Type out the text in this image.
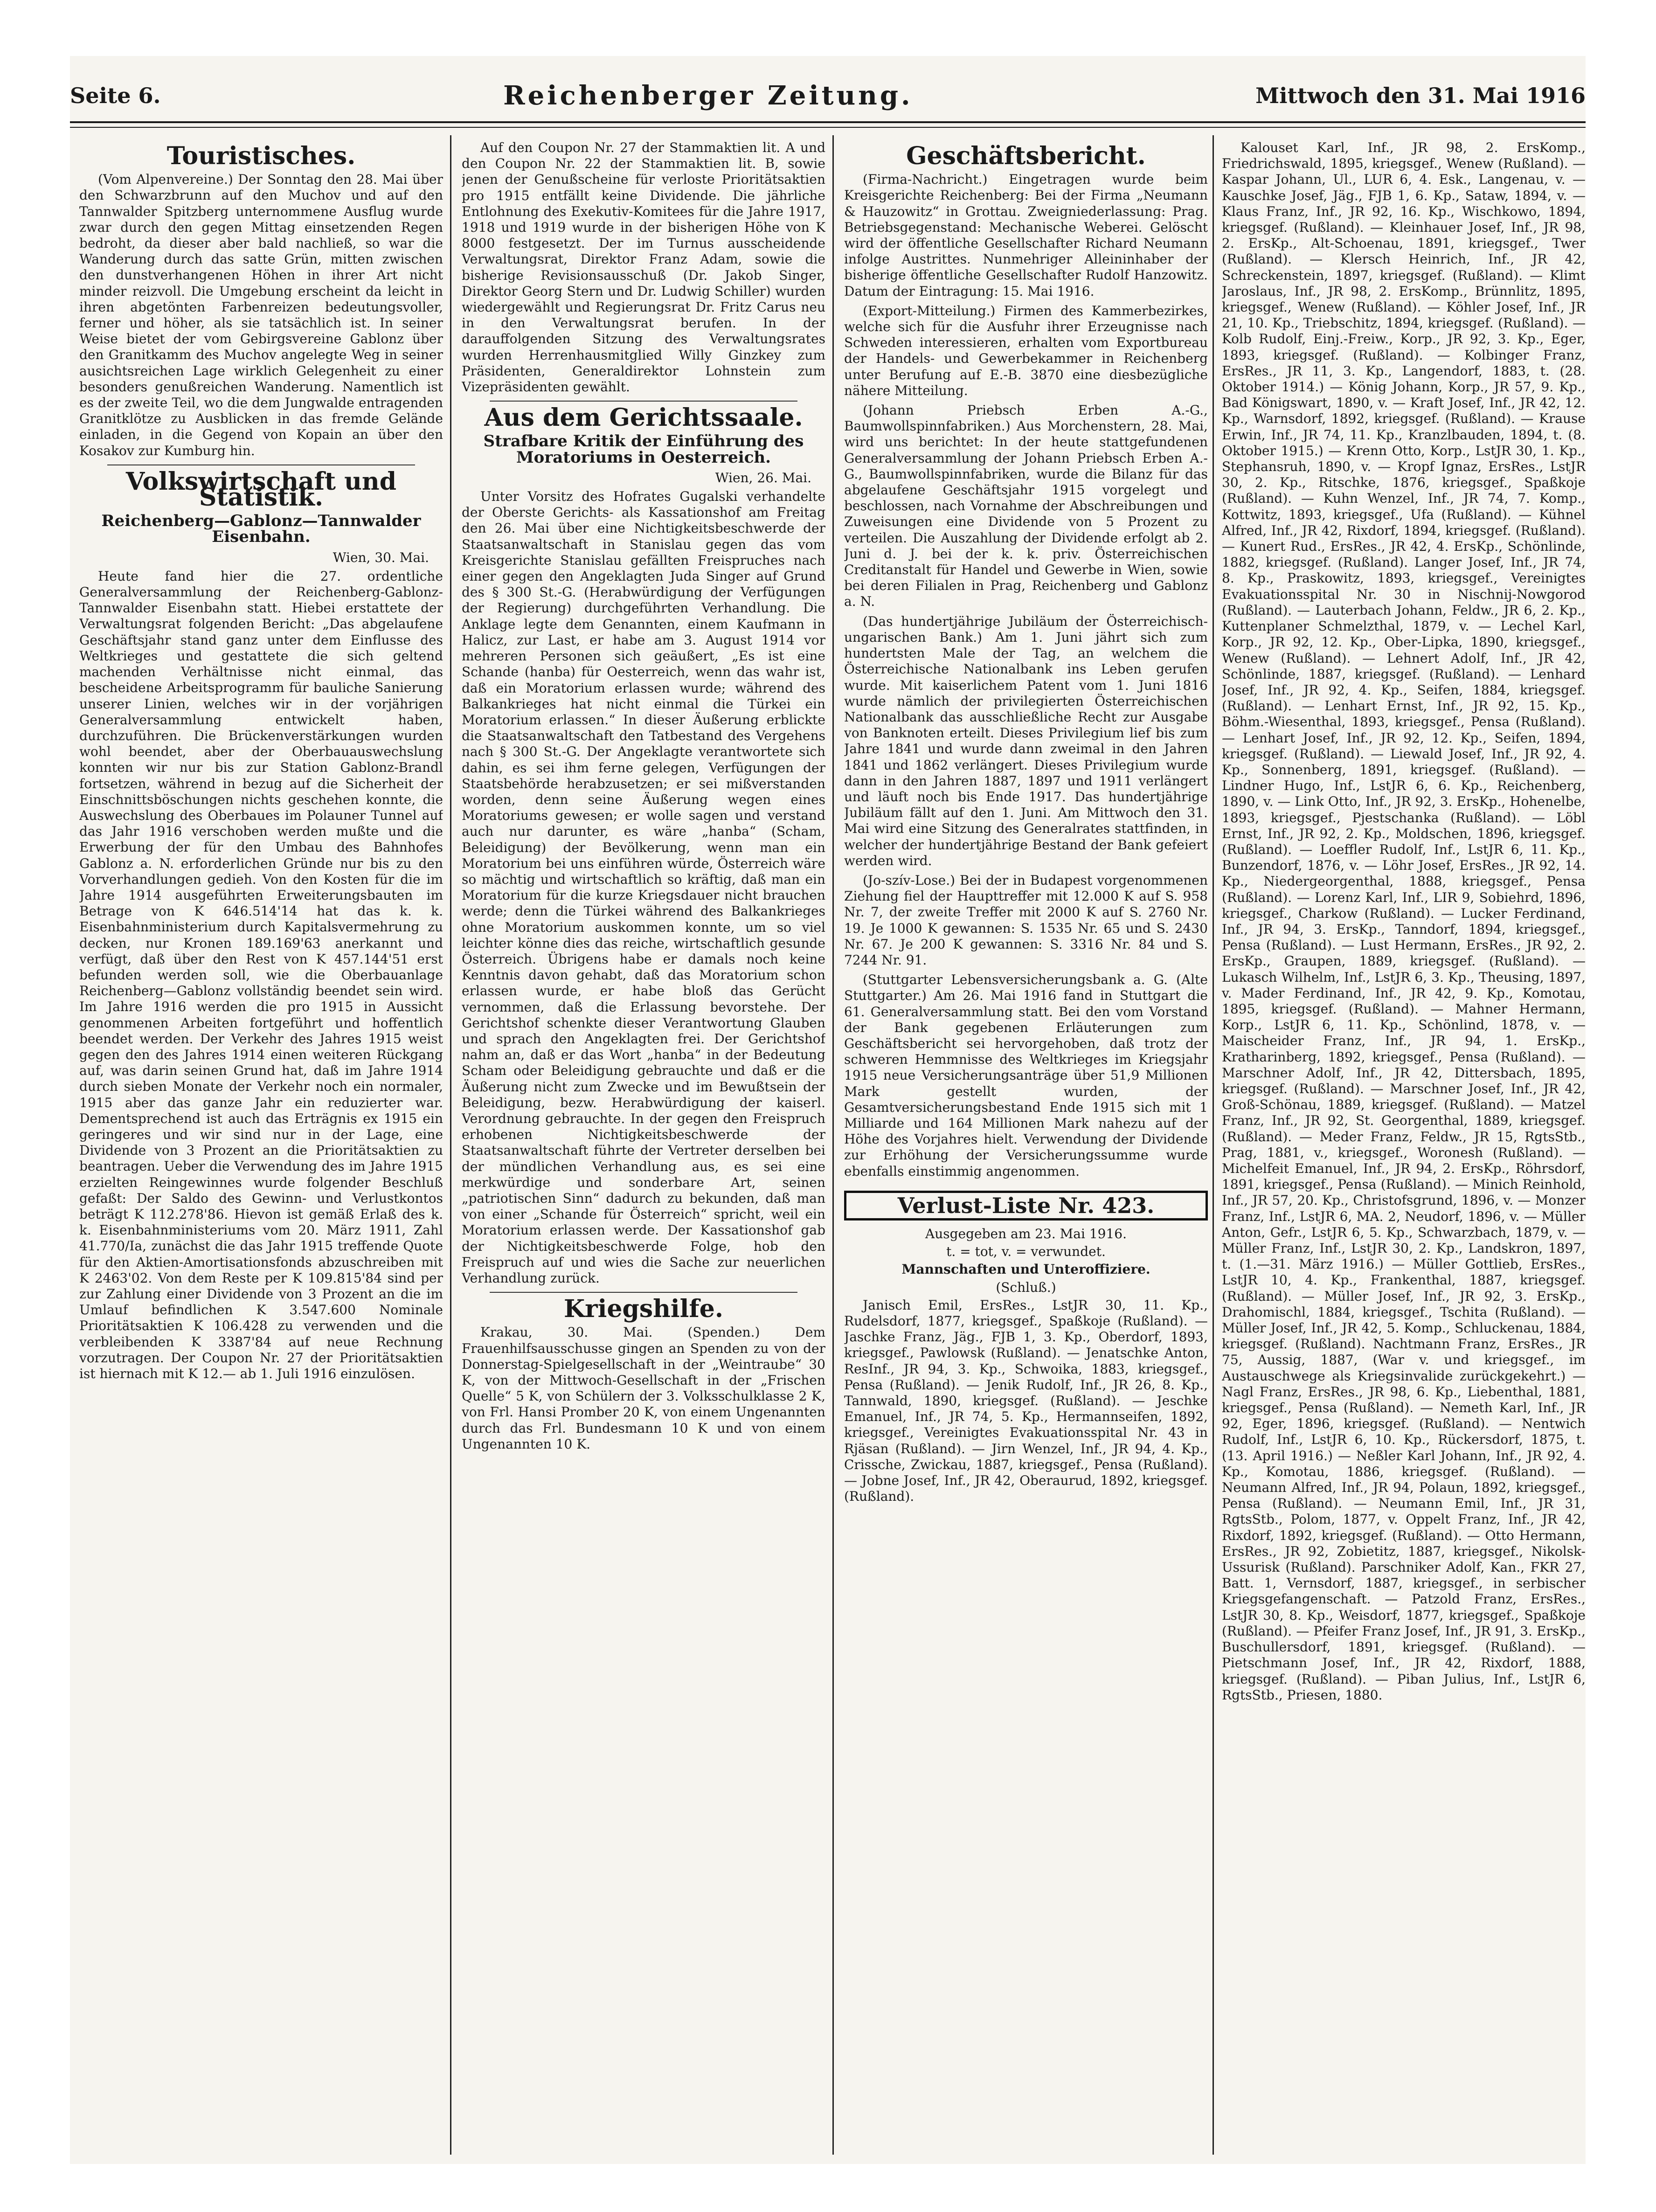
Seite 6.	Reichenberger Zeitung.	Mittwoch den 31. Mai 1916
Touristisches.

(Vom Alpenvereine.) Der Sonntag den 28. Mai über den Schwarzbrunn auf den Muchov und auf den Tannwalder Spitzberg unternommene Ausflug wurde zwar durch den gegen Mittag einsetzenden Regen bedroht, da dieser aber bald nachließ, so war die Wanderung durch das satte Grün, mitten zwischen den dunstverhangenen Höhen in ihrer Art nicht minder reizvoll. Die Umgebung erscheint da leicht in ihren abgetönten Farbenreizen bedeutungsvoller, ferner und höher, als sie tatsächlich ist. In seiner Weise bietet der vom Gebirgsvereine Gablonz über den Granitkamm des Muchov angelegte Weg in seiner ausichtsreichen Lage wirklich Gelegenheit zu einer besonders genußreichen Wanderung. Namentlich ist es der zweite Teil, wo die dem Jungwalde entragenden Granitklötze zu Ausblicken in das fremde Gelände einladen, in die Gegend von Kopain an über den Kosakov zur Kumburg hin.

Volkswirtschaft und Statistik.
Reichenberg—Gablonz—Tannwalder Eisenbahn.
Wien, 30. Mai.

Heute fand hier die 27. ordentliche Generalversammlung der Reichenberg-Gablonz-Tannwalder Eisenbahn statt. Hiebei erstattete der Verwaltungsrat folgenden Bericht: „Das abgelaufene Geschäftsjahr stand ganz unter dem Einflusse des Weltkrieges und gestattete die sich geltend machenden Verhältnisse nicht einmal, das bescheidene Arbeitsprogramm für bauliche Sanierung unserer Linien, welches wir in der vorjährigen Generalversammlung entwickelt haben, durchzuführen. Die Brückenverstärkungen wurden wohl beendet, aber der Oberbauauswechslung konnten wir nur bis zur Station Gablonz-Brandl fortsetzen, während in bezug auf die Sicherheit der Einschnittsböschungen nichts geschehen konnte, die Auswechslung des Oberbaues im Polauner Tunnel auf das Jahr 1916 verschoben werden mußte und die Erwerbung der für den Umbau des Bahnhofes Gablonz a. N. erforderlichen Gründe nur bis zu den Vorverhandlungen gedieh. Von den Kosten für die im Jahre 1914 ausgeführten Erweiterungsbauten im Betrage von K 646.514'14 hat das k. k. Eisenbahnministerium durch Kapitalsvermehrung zu decken, nur Kronen 189.169'63 anerkannt und verfügt, daß über den Rest von K 457.144'51 erst befunden werden soll, wie die Oberbauanlage Reichenberg—Gablonz vollständig beendet sein wird. Im Jahre 1916 werden die pro 1915 in Aussicht genommenen Arbeiten fortgeführt und hoffentlich beendet werden. Der Verkehr des Jahres 1915 weist gegen den des Jahres 1914 einen weiteren Rückgang auf, was darin seinen Grund hat, daß im Jahre 1914 durch sieben Monate der Verkehr noch ein normaler, 1915 aber das ganze Jahr ein reduzierter war. Dementsprechend ist auch das Erträgnis ex 1915 ein geringeres und wir sind nur in der Lage, eine Dividende von 3 Prozent an die Prioritätsaktien zu beantragen. Ueber die Verwendung des im Jahre 1915 erzielten Reingewinnes wurde folgender Beschluß gefaßt: Der Saldo des Gewinn- und Verlustkontos beträgt K 112.278'86. Hievon ist gemäß Erlaß des k. k. Eisenbahnministeriums vom 20. März 1911, Zahl 41.770/Ia, zunächst die das Jahr 1915 treffende Quote für den Aktien-Amortisationsfonds abzuschreiben mit K 2463'02. Von dem Reste per K 109.815'84 sind per zur Zahlung einer Dividende von 3 Prozent an die im Umlauf befindlichen K 3.547.600 Nominale Prioritätsaktien K 106.428 zu verwenden und die verbleibenden K 3387'84 auf neue Rechnung vorzutragen. Der Coupon Nr. 27 der Prioritätsaktien ist hiernach mit K 12.— ab 1. Juli 1916 einzulösen.

Auf den Coupon Nr. 27 der Stammaktien lit. A und den Coupon Nr. 22 der Stammaktien lit. B, sowie jenen der Genußscheine für verloste Prioritätsaktien pro 1915 entfällt keine Dividende. Die jährliche Entlohnung des Exekutiv-Komitees für die Jahre 1917, 1918 und 1919 wurde in der bisherigen Höhe von K 8000 festgesetzt. Der im Turnus ausscheidende Verwaltungsrat, Direktor Franz Adam, sowie die bisherige Revisionsausschuß (Dr. Jakob Singer, Direktor Georg Stern und Dr. Ludwig Schiller) wurden wiedergewählt und Regierungsrat Dr. Fritz Carus neu in den Verwaltungsrat berufen. In der darauffolgenden Sitzung des Verwaltungsrates wurden Herrenhausmitglied Willy Ginzkey zum Präsidenten, Generaldirektor Lohnstein zum Vizepräsidenten gewählt.

Aus dem Gerichtssaale.
Strafbare Kritik der Einführung des Moratoriums in Oesterreich.
Wien, 26. Mai.

Unter Vorsitz des Hofrates Gugalski verhandelte der Oberste Gerichts- als Kassationshof am Freitag den 26. Mai über eine Nichtigkeitsbeschwerde der Staatsanwaltschaft in Stanislau gegen das vom Kreisgerichte Stanislau gefällten Freispruches nach einer gegen den Angeklagten Juda Singer auf Grund des § 300 St.-G. (Herabwürdigung der Verfügungen der Regierung) durchgeführten Verhandlung. Die Anklage legte dem Genannten, einem Kaufmann in Halicz, zur Last, er habe am 3. August 1914 vor mehreren Personen sich geäußert, „Es ist eine Schande (hanba) für Oesterreich, wenn das wahr ist, daß ein Moratorium erlassen wurde; während des Balkankrieges hat nicht einmal die Türkei ein Moratorium erlassen.“ In dieser Äußerung erblickte die Staatsanwaltschaft den Tatbestand des Vergehens nach § 300 St.-G. Der Angeklagte verantwortete sich dahin, es sei ihm ferne gelegen, Verfügungen der Staatsbehörde herabzusetzen; er sei mißverstanden worden, denn seine Äußerung wegen eines Moratoriums gewesen; er wolle sagen und verstand auch nur darunter, es wäre „hanba“ (Scham, Beleidigung) der Bevölkerung, wenn man ein Moratorium bei uns einführen würde, Österreich wäre so mächtig und wirtschaftlich so kräftig, daß man ein Moratorium für die kurze Kriegsdauer nicht brauchen werde; denn die Türkei während des Balkankrieges ohne Moratorium auskommen konnte, um so viel leichter könne dies das reiche, wirtschaftlich gesunde Österreich. Übrigens habe er damals noch keine Kenntnis davon gehabt, daß das Moratorium schon erlassen wurde, er habe bloß das Gerücht vernommen, daß die Erlassung bevorstehe. Der Gerichtshof schenkte dieser Verantwortung Glauben und sprach den Angeklagten frei. Der Gerichtshof nahm an, daß er das Wort „hanba“ in der Bedeutung Scham oder Beleidigung gebrauchte und daß er die Äußerung nicht zum Zwecke und im Bewußtsein der Beleidigung, bezw. Herabwürdigung der kaiserl. Verordnung gebrauchte. In der gegen den Freispruch erhobenen Nichtigkeitsbeschwerde der Staatsanwaltschaft führte der Vertreter derselben bei der mündlichen Verhandlung aus, es sei eine merkwürdige und sonderbare Art, seinen „patriotischen Sinn“ dadurch zu bekunden, daß man von einer „Schande für Österreich“ spricht, weil ein Moratorium erlassen werde. Der Kassationshof gab der Nichtigkeitsbeschwerde Folge, hob den Freispruch auf und wies die Sache zur neuerlichen Verhandlung zurück.

Kriegshilfe.

Krakau, 30. Mai. (Spenden.) Dem Frauenhilfsausschusse gingen an Spenden zu von der Donnerstag-Spielgesellschaft in der „Weintraube“ 30 K, von der Mittwoch-Gesellschaft in der „Frischen Quelle“ 5 K, von Schülern der 3. Volksschulklasse 2 K, von Frl. Hansi Promber 20 K, von einem Ungenannten durch das Frl. Bundesmann 10 K und von einem Ungenannten 10 K.

Geschäftsbericht.

(Firma-Nachricht.) Eingetragen wurde beim Kreisgerichte Reichenberg: Bei der Firma „Neumann & Hauzowitz“ in Grottau. Zweigniederlassung: Prag. Betriebsgegenstand: Mechanische Weberei. Gelöscht wird der öffentliche Gesellschafter Richard Neumann infolge Austrittes. Nunmehriger Alleininhaber der bisherige öffentliche Gesellschafter Rudolf Hanzowitz. Datum der Eintragung: 15. Mai 1916.

(Export-Mitteilung.) Firmen des Kammerbezirkes, welche sich für die Ausfuhr ihrer Erzeugnisse nach Schweden interessieren, erhalten vom Exportbureau der Handels- und Gewerbekammer in Reichenberg unter Berufung auf E.-B. 3870 eine diesbezügliche nähere Mitteilung.

(Johann Priebsch Erben A.-G., Baumwollspinnfabriken.) Aus Morchenstern, 28. Mai, wird uns berichtet: In der heute stattgefundenen Generalversammlung der Johann Priebsch Erben A.-G., Baumwollspinnfabriken, wurde die Bilanz für das abgelaufene Geschäftsjahr 1915 vorgelegt und beschlossen, nach Vornahme der Abschreibungen und Zuweisungen eine Dividende von 5 Prozent zu verteilen. Die Auszahlung der Dividende erfolgt ab 2. Juni d. J. bei der k. k. priv. Österreichischen Creditanstalt für Handel und Gewerbe in Wien, sowie bei deren Filialen in Prag, Reichenberg und Gablonz a. N.

(Das hundertjährige Jubiläum der Österreichisch-ungarischen Bank.) Am 1. Juni jährt sich zum hundertsten Male der Tag, an welchem die Österreichische Nationalbank ins Leben gerufen wurde. Mit kaiserlichem Patent vom 1. Juni 1816 wurde nämlich der privilegierten Österreichischen Nationalbank das ausschließliche Recht zur Ausgabe von Banknoten erteilt. Dieses Privilegium lief bis zum Jahre 1841 und wurde dann zweimal in den Jahren 1841 und 1862 verlängert. Dieses Privilegium wurde dann in den Jahren 1887, 1897 und 1911 verlängert und läuft noch bis Ende 1917. Das hundertjährige Jubiläum fällt auf den 1. Juni. Am Mittwoch den 31. Mai wird eine Sitzung des Generalrates stattfinden, in welcher der hundertjährige Bestand der Bank gefeiert werden wird.

(Jo-szív-Lose.) Bei der in Budapest vorgenommenen Ziehung fiel der Haupttreffer mit 12.000 K auf S. 958 Nr. 7, der zweite Treffer mit 2000 K auf S. 2760 Nr. 19. Je 1000 K gewannen: S. 1535 Nr. 65 und S. 2430 Nr. 67. Je 200 K gewannen: S. 3316 Nr. 84 und S. 7244 Nr. 91.

(Stuttgarter Lebensversicherungsbank a. G. (Alte Stuttgarter.) Am 26. Mai 1916 fand in Stuttgart die 61. Generalversammlung statt. Bei den vom Vorstand der Bank gegebenen Erläuterungen zum Geschäftsbericht sei hervorgehoben, daß trotz der schweren Hemmnisse des Weltkrieges im Kriegsjahr 1915 neue Versicherungsanträge über 51,9 Millionen Mark gestellt wurden, der Gesamtversicherungsbestand Ende 1915 sich mit 1 Milliarde und 164 Millionen Mark nahezu auf der Höhe des Vorjahres hielt. Verwendung der Dividende zur Erhöhung der Versicherungssumme wurde ebenfalls einstimmig angenommen.

Verlust-Liste Nr. 423.
Ausgegeben am 23. Mai 1916.
t. = tot, v. = verwundet.
Mannschaften und Unteroffiziere.
(Schluß.)

Janisch Emil, ErsRes., LstJR 30, 11. Kp., Rudelsdorf, 1877, kriegsgef., Spaßkoje (Rußland). — Jaschke Franz, Jäg., FJB 1, 3. Kp., Oberdorf, 1893, kriegsgef., Pawlowsk (Rußland). — Jenatschke Anton, ResInf., JR 94, 3. Kp., Schwoika, 1883, kriegsgef., Pensa (Rußland). — Jenik Rudolf, Inf., JR 26, 8. Kp., Tannwald, 1890, kriegsgef. (Rußland). — Jeschke Emanuel, Inf., JR 74, 5. Kp., Hermannseifen, 1892, kriegsgef., Vereinigtes Evakuationsspital Nr. 43 in Rjäsan (Rußland). — Jirn Wenzel, Inf., JR 94, 4. Kp., Crissche, Zwickau, 1887, kriegsgef., Pensa (Rußland). — Jobne Josef, Inf., JR 42, Oberaurud, 1892, kriegsgef. (Rußland).

Kalouset Karl, Inf., JR 98, 2. ErsKomp., Friedrichswald, 1895, kriegsgef., Wenew (Rußland). — Kaspar Johann, Ul., LUR 6, 4. Esk., Langenau, v. — Kauschke Josef, Jäg., FJB 1, 6. Kp., Sataw, 1894, v. — Klaus Franz, Inf., JR 92, 16. Kp., Wischkowo, 1894, kriegsgef. (Rußland). — Kleinhauer Josef, Inf., JR 98, 2. ErsKp., Alt-Schoenau, 1891, kriegsgef., Twer (Rußland). — Klersch Heinrich, Inf., JR 42, Schreckenstein, 1897, kriegsgef. (Rußland). — Klimt Jaroslaus, Inf., JR 98, 2. ErsKomp., Brünnlitz, 1895, kriegsgef., Wenew (Rußland). — Köhler Josef, Inf., JR 21, 10. Kp., Triebschitz, 1894, kriegsgef. (Rußland). — Kolb Rudolf, Einj.-Freiw., Korp., JR 92, 3. Kp., Eger, 1893, kriegsgef. (Rußland). — Kolbinger Franz, ErsRes., JR 11, 3. Kp., Langendorf, 1883, t. (28. Oktober 1914.) — König Johann, Korp., JR 57, 9. Kp., Bad Königswart, 1890, v. — Kraft Josef, Inf., JR 42, 12. Kp., Warnsdorf, 1892, kriegsgef. (Rußland). — Krause Erwin, Inf., JR 74, 11. Kp., Kranzlbauden, 1894, t. (8. Oktober 1915.) — Krenn Otto, Korp., LstJR 30, 1. Kp., Stephansruh, 1890, v. — Kropf Ignaz, ErsRes., LstJR 30, 2. Kp., Ritschke, 1876, kriegsgef., Spaßkoje (Rußland). — Kuhn Wenzel, Inf., JR 74, 7. Komp., Kottwitz, 1893, kriegsgef., Ufa (Rußland). — Kühnel Alfred, Inf., JR 42, Rixdorf, 1894, kriegsgef. (Rußland). — Kunert Rud., ErsRes., JR 42, 4. ErsKp., Schönlinde, 1882, kriegsgef. (Rußland). Langer Josef, Inf., JR 74, 8. Kp., Praskowitz, 1893, kriegsgef., Vereinigtes Evakuationsspital Nr. 30 in Nischnij-Nowgorod (Rußland). — Lauterbach Johann, Feldw., JR 6, 2. Kp., Kuttenplaner Schmelzthal, 1879, v. — Lechel Karl, Korp., JR 92, 12. Kp., Ober-Lipka, 1890, kriegsgef., Wenew (Rußland). — Lehnert Adolf, Inf., JR 42, Schönlinde, 1887, kriegsgef. (Rußland). — Lenhard Josef, Inf., JR 92, 4. Kp., Seifen, 1884, kriegsgef. (Rußland). — Lenhart Ernst, Inf., JR 92, 15. Kp., Böhm.-Wiesenthal, 1893, kriegsgef., Pensa (Rußland). — Lenhart Josef, Inf., JR 92, 12. Kp., Seifen, 1894, kriegsgef. (Rußland). — Liewald Josef, Inf., JR 92, 4. Kp., Sonnenberg, 1891, kriegsgef. (Rußland). — Lindner Hugo, Inf., LstJR 6, 6. Kp., Reichenberg, 1890, v. — Link Otto, Inf., JR 92, 3. ErsKp., Hohenelbe, 1893, kriegsgef., Pjestschanka (Rußland). — Löbl Ernst, Inf., JR 92, 2. Kp., Moldschen, 1896, kriegsgef. (Rußland). — Loeffler Rudolf, Inf., LstJR 6, 11. Kp., Bunzendorf, 1876, v. — Löhr Josef, ErsRes., JR 92, 14. Kp., Niedergeorgenthal, 1888, kriegsgef., Pensa (Rußland). — Lorenz Karl, Inf., LIR 9, Sobiehrd, 1896, kriegsgef., Charkow (Rußland). — Lucker Ferdinand, Inf., JR 94, 3. ErsKp., Tanndorf, 1894, kriegsgef., Pensa (Rußland). — Lust Hermann, ErsRes., JR 92, 2. ErsKp., Graupen, 1889, kriegsgef. (Rußland). — Lukasch Wilhelm, Inf., LstJR 6, 3. Kp., Theusing, 1897, v. Mader Ferdinand, Inf., JR 42, 9. Kp., Komotau, 1895, kriegsgef. (Rußland). — Mahner Hermann, Korp., LstJR 6, 11. Kp., Schönlind, 1878, v. — Maischeider Franz, Inf., JR 94, 1. ErsKp., Kratharinberg, 1892, kriegsgef., Pensa (Rußland). — Marschner Adolf, Inf., JR 42, Dittersbach, 1895, kriegsgef. (Rußland). — Marschner Josef, Inf., JR 42, Groß-Schönau, 1889, kriegsgef. (Rußland). — Matzel Franz, Inf., JR 92, St. Georgenthal, 1889, kriegsgef. (Rußland). — Meder Franz, Feldw., JR 15, RgtsStb., Prag, 1881, v., kriegsgef., Woronesh (Rußland). — Michelfeit Emanuel, Inf., JR 94, 2. ErsKp., Röhrsdorf, 1891, kriegsgef., Pensa (Rußland). — Minich Reinhold, Inf., JR 57, 20. Kp., Christofsgrund, 1896, v. — Monzer Franz, Inf., LstJR 6, MA. 2, Neudorf, 1896, v. — Müller Anton, Gefr., LstJR 6, 5. Kp., Schwarzbach, 1879, v. — Müller Franz, Inf., LstJR 30, 2. Kp., Landskron, 1897, t. (1.—31. März 1916.) — Müller Gottlieb, ErsRes., LstJR 10, 4. Kp., Frankenthal, 1887, kriegsgef. (Rußland). — Müller Josef, Inf., JR 92, 3. ErsKp., Drahomischl, 1884, kriegsgef., Tschita (Rußland). — Müller Josef, Inf., JR 42, 5. Komp., Schluckenau, 1884, kriegsgef. (Rußland). Nachtmann Franz, ErsRes., JR 75, Aussig, 1887, (War v. und kriegsgef., im Austauschwege als Kriegsinvalide zurückgekehrt.) — Nagl Franz, ErsRes., JR 98, 6. Kp., Liebenthal, 1881, kriegsgef., Pensa (Rußland). — Nemeth Karl, Inf., JR 92, Eger, 1896, kriegsgef. (Rußland). — Nentwich Rudolf, Inf., LstJR 6, 10. Kp., Rückersdorf, 1875, t. (13. April 1916.) — Neßler Karl Johann, Inf., JR 92, 4. Kp., Komotau, 1886, kriegsgef. (Rußland). — Neumann Alfred, Inf., JR 94, Polaun, 1892, kriegsgef., Pensa (Rußland). — Neumann Emil, Inf., JR 31, RgtsStb., Polom, 1877, v. Oppelt Franz, Inf., JR 42, Rixdorf, 1892, kriegsgef. (Rußland). — Otto Hermann, ErsRes., JR 92, Zobietitz, 1887, kriegsgef., Nikolsk-Ussurisk (Rußland). Parschniker Adolf, Kan., FKR 27, Batt. 1, Vernsdorf, 1887, kriegsgef., in serbischer Kriegsgefangenschaft. — Patzold Franz, ErsRes., LstJR 30, 8. Kp., Weisdorf, 1877, kriegsgef., Spaßkoje (Rußland). — Pfeifer Franz Josef, Inf., JR 91, 3. ErsKp., Buschullersdorf, 1891, kriegsgef. (Rußland). — Pietschmann Josef, Inf., JR 42, Rixdorf, 1888, kriegsgef. (Rußland). — Piban Julius, Inf., LstJR 6, RgtsStb., Priesen, 1880.
